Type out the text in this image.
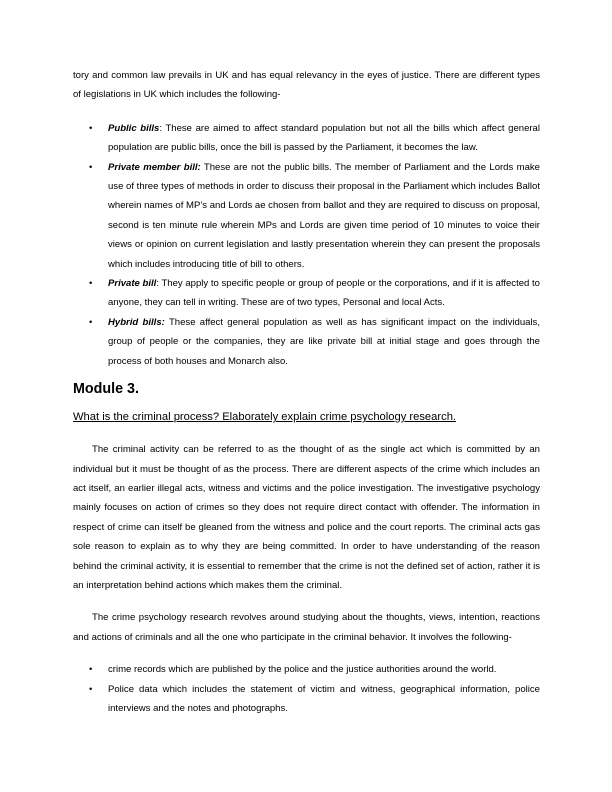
tory and common law prevails in UK and has equal relevancy in the eyes of justice. There are different types of legislations in UK which includes the following-

• Public bills: These are aimed to affect standard population but not all the bills which affect general population are public bills, once the bill is passed by the Parliament, it becomes the law.
• Private member bill: These are not the public bills. The member of Parliament and the Lords make use of three types of methods in order to discuss their proposal in the Parliament which includes Ballot wherein names of MP’s and Lords ae chosen from ballot and they are required to discuss on proposal, second is ten minute rule wherein MPs and Lords are given time period of 10 minutes to voice their views or opinion on current legislation and lastly presentation wherein they can present the proposals which includes introducing title of bill to others.
• Private bill: They apply to specific people or group of people or the corporations, and if it is affected to anyone, they can tell in writing. These are of two types, Personal and local Acts.
• Hybrid bills: These affect general population as well as has significant impact on the individuals, group of people or the companies, they are like private bill at initial stage and goes through the process of both houses and Monarch also.
Module 3.

What is the criminal process? Elaborately explain crime psychology research.

The criminal activity can be referred to as the thought of as the single act which is committed by an individual but it must be thought of as the process. There are different aspects of the crime which includes an act itself, an earlier illegal acts, witness and victims and the police investigation. The investigative psychology mainly focuses on action of crimes so they does not require direct contact with offender. The information in respect of crime can itself be gleaned from the witness and police and the court reports. The criminal acts gas sole reason to explain as to why they are being committed. In order to have understanding of the reason behind the criminal activity, it is essential to remember that the crime is not the defined set of action, rather it is an interpretation behind actions which makes them the criminal.

The crime psychology research revolves around studying about the thoughts, views, intention, reactions and actions of criminals and all the one who participate in the criminal behavior. It involves the following-

• crime records which are published by the police and the justice authorities around the world.
• Police data which includes the statement of victim and witness, geographical information, police interviews and the notes and photographs.
